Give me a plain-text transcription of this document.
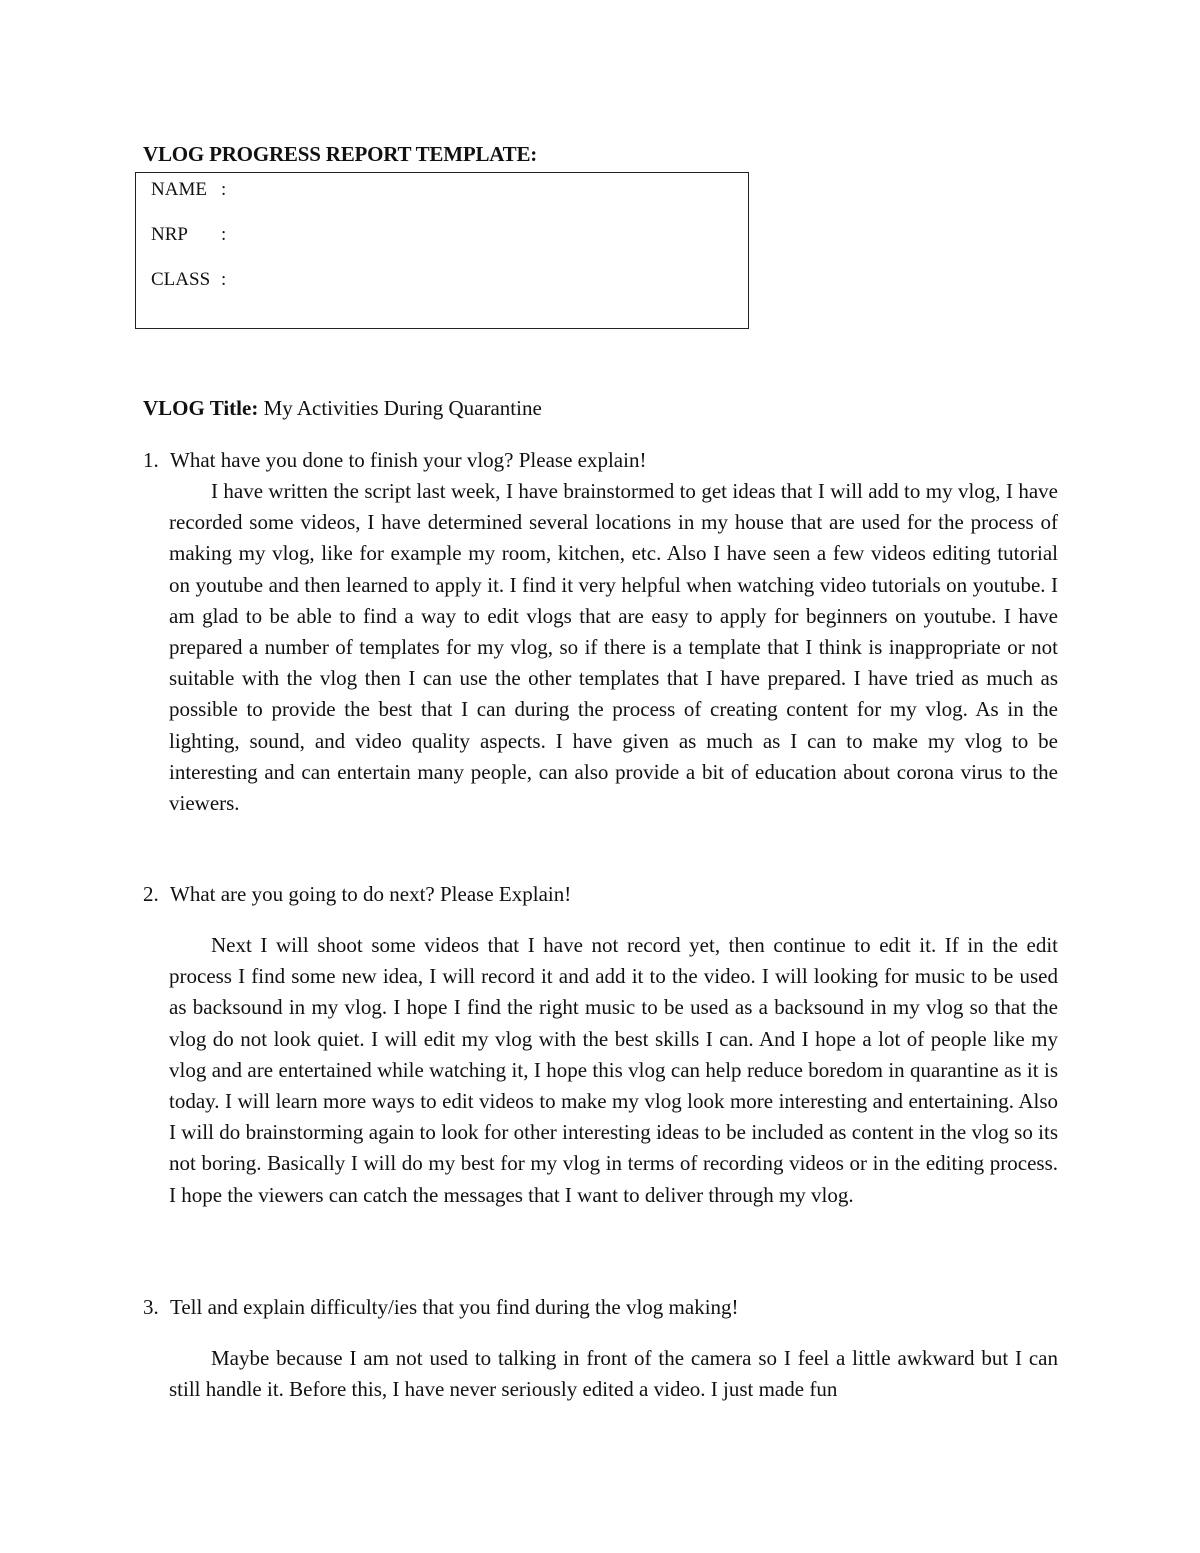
VLOG PROGRESS REPORT TEMPLATE:
NAME :
NRP :
CLASS :
VLOG Title: My Activities During Quarantine
1. What have you done to finish your vlog? Please explain!

I have written the script last week, I have brainstormed to get ideas that I will add to my vlog, I have recorded some videos, I have determined several locations in my house that are used for the process of making my vlog, like for example my room, kitchen, etc. Also I have seen a few videos editing tutorial on youtube and then learned to apply it. I find it very helpful when watching video tutorials on youtube. I am glad to be able to find a way to edit vlogs that are easy to apply for beginners on youtube. I have prepared a number of templates for my vlog, so if there is a template that I think is inappropriate or not suitable with the vlog then I can use the other templates that I have prepared. I have tried as much as possible to provide the best that I can during the process of creating content for my vlog. As in the lighting, sound, and video quality aspects. I have given as much as I can to make my vlog to be interesting and can entertain many people, can also provide a bit of education about corona virus to the viewers.

2. What are you going to do next? Please Explain!

Next I will shoot some videos that I have not record yet, then continue to edit it. If in the edit process I find some new idea, I will record it and add it to the video. I will looking for music to be used as backsound in my vlog. I hope I find the right music to be used as a backsound in my vlog so that the vlog do not look quiet. I will edit my vlog with the best skills I can. And I hope a lot of people like my vlog and are entertained while watching it, I hope this vlog can help reduce boredom in quarantine as it is today. I will learn more ways to edit videos to make my vlog look more interesting and entertaining. Also I will do brainstorming again to look for other interesting ideas to be included as content in the vlog so its not boring. Basically I will do my best for my vlog in terms of recording videos or in the editing process. I hope the viewers can catch the messages that I want to deliver through my vlog.

3. Tell and explain difficulty/ies that you find during the vlog making!

Maybe because I am not used to talking in front of the camera so I feel a little awkward but I can still handle it. Before this, I have never seriously edited a video. I just made fun
